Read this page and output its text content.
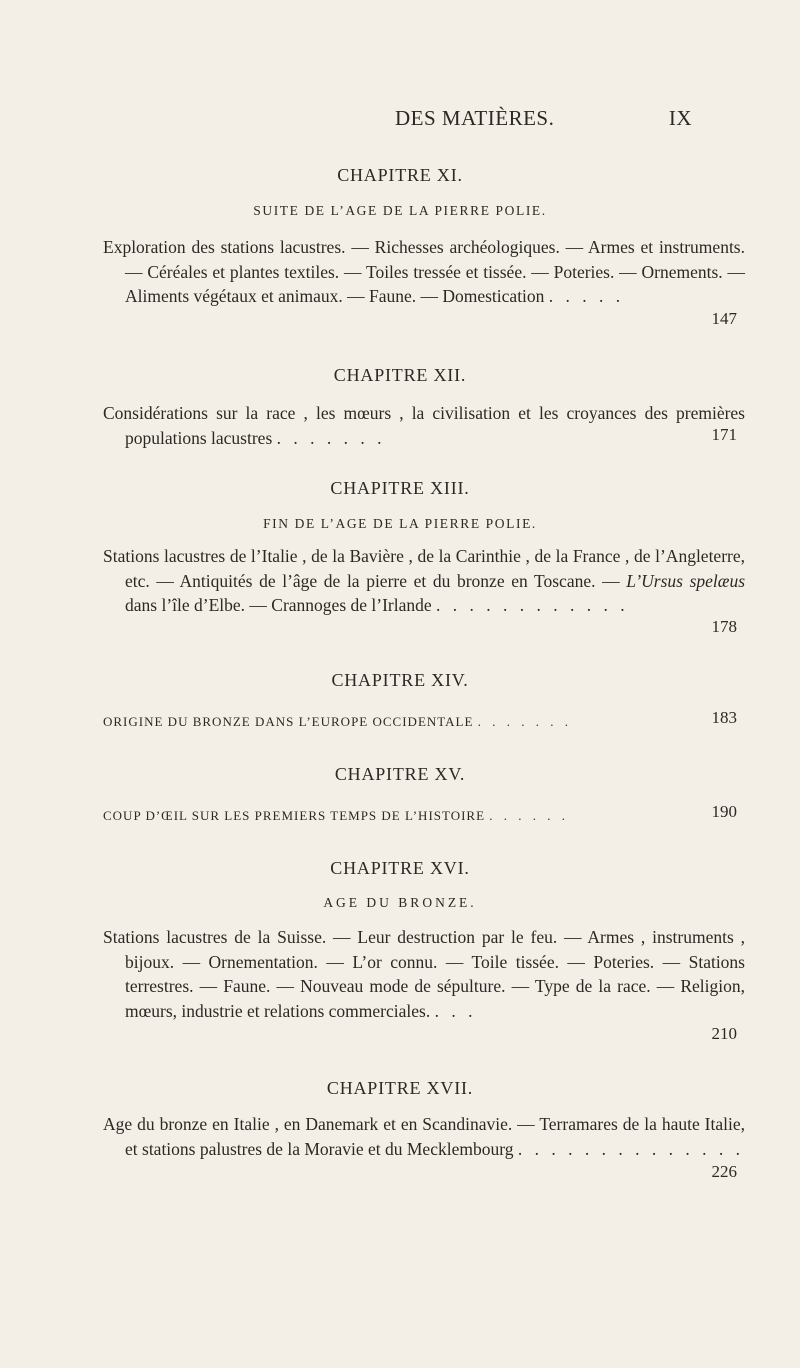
DES MATIÈRES.	IX
CHAPITRE XI.
SUITE DE L’AGE DE LA PIERRE POLIE.
Exploration des stations lacustres. — Richesses archéologiques. — Armes et instruments. — Céréales et plantes textiles. — Toiles tressée et tissée. — Poteries. — Ornements. — Aliments végétaux et animaux. — Faune. — Domestication . . . . .
147
CHAPITRE XII.
Considérations sur la race , les mœurs , la civilisation et les croyances des premières populations lacustres . . . . . . .	171
CHAPITRE XIII.
FIN DE L’AGE DE LA PIERRE POLIE.
Stations lacustres de l’Italie , de la Bavière , de la Carinthie , de la France , de l’Angleterre, etc. — Antiquités de l’âge de la pierre et du bronze en Toscane. — L’Ursus spelæus dans l’île d’Elbe. — Crannoges de l’Irlande . . . . . . . . . . . .
178
CHAPITRE XIV.
ORIGINE DU BRONZE DANS L’EUROPE OCCIDENTALE . . . . . . .	183
CHAPITRE XV.
COUP D’ŒIL SUR LES PREMIERS TEMPS DE L’HISTOIRE . . . . . .	190
CHAPITRE XVI.
AGE DU BRONZE.
Stations lacustres de la Suisse. — Leur destruction par le feu. — Armes , instruments , bijoux. — Ornementation. — L’or connu. — Toile tissée. — Poteries. — Stations terrestres. — Faune. — Nouveau mode de sépulture. — Type de la race. — Religion, mœurs, industrie et relations commerciales. . . .
210
CHAPITRE XVII.
Age du bronze en Italie , en Danemark et en Scandinavie. — Terramares de la haute Italie, et stations palustres de la Moravie et du Mecklembourg . . . . . . . . . . . . . .
226
